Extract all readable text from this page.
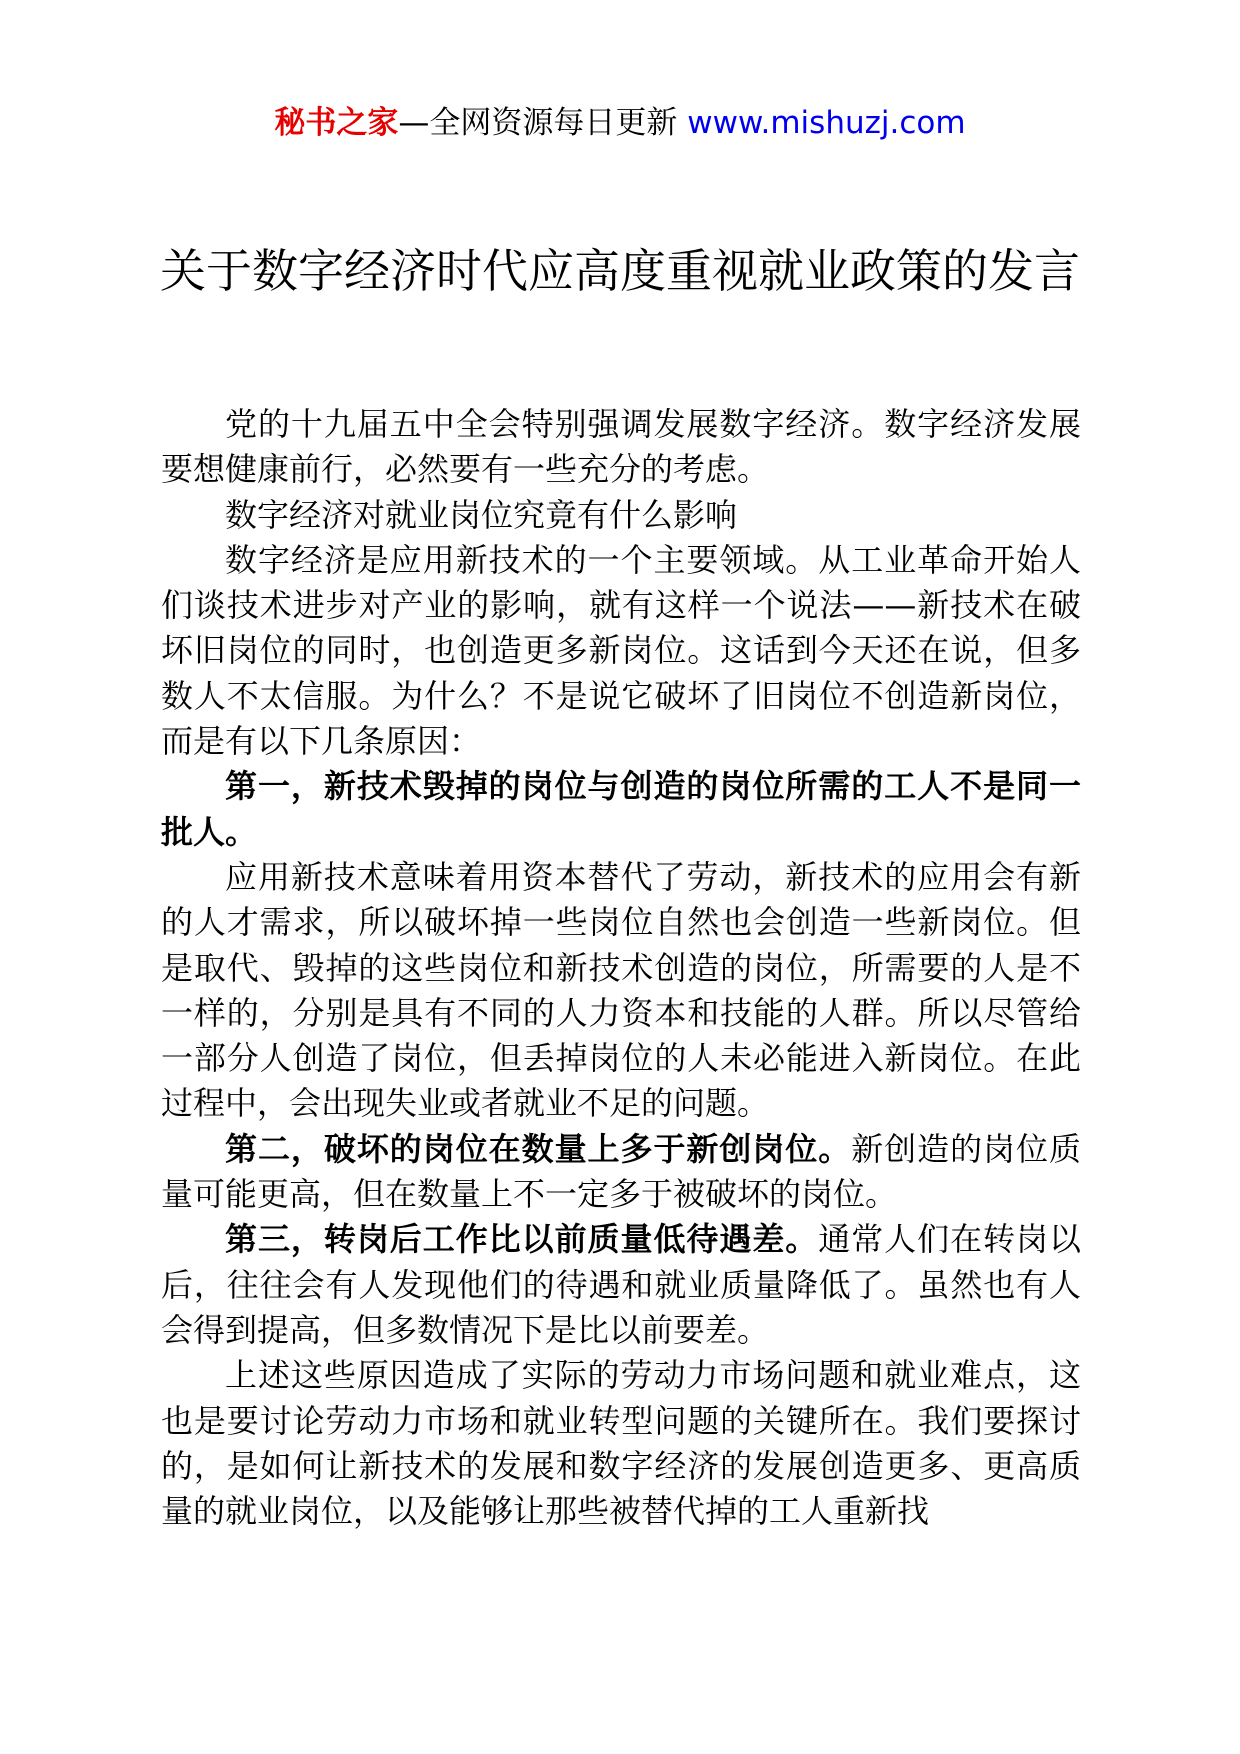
秘书之家—全网资源每日更新 www.mishuzj.com
关于数字经济时代应高度重视就业政策的发言

党的十九届五中全会特别强调发展数字经济。数字经济发展要想健康前行，必然要有一些充分的考虑。

数字经济对就业岗位究竟有什么影响

数字经济是应用新技术的一个主要领域。从工业革命开始人们谈技术进步对产业的影响，就有这样一个说法——新技术在破坏旧岗位的同时，也创造更多新岗位。这话到今天还在说，但多数人不太信服。为什么？不是说它破坏了旧岗位不创造新岗位，而是有以下几条原因：

第一，新技术毁掉的岗位与创造的岗位所需的工人不是同一批人。

应用新技术意味着用资本替代了劳动，新技术的应用会有新的人才需求，所以破坏掉一些岗位自然也会创造一些新岗位。但是取代、毁掉的这些岗位和新技术创造的岗位，所需要的人是不一样的，分别是具有不同的人力资本和技能的人群。所以尽管给一部分人创造了岗位，但丢掉岗位的人未必能进入新岗位。在此过程中，会出现失业或者就业不足的问题。

第二，破坏的岗位在数量上多于新创岗位。新创造的岗位质量可能更高，但在数量上不一定多于被破坏的岗位。

第三，转岗后工作比以前质量低待遇差。通常人们在转岗以后，往往会有人发现他们的待遇和就业质量降低了。虽然也有人会得到提高，但多数情况下是比以前要差。

上述这些原因造成了实际的劳动力市场问题和就业难点，这也是要讨论劳动力市场和就业转型问题的关键所在。我们要探讨的，是如何让新技术的发展和数字经济的发展创造更多、更高质量的就业岗位，以及能够让那些被替代掉的工人重新找
